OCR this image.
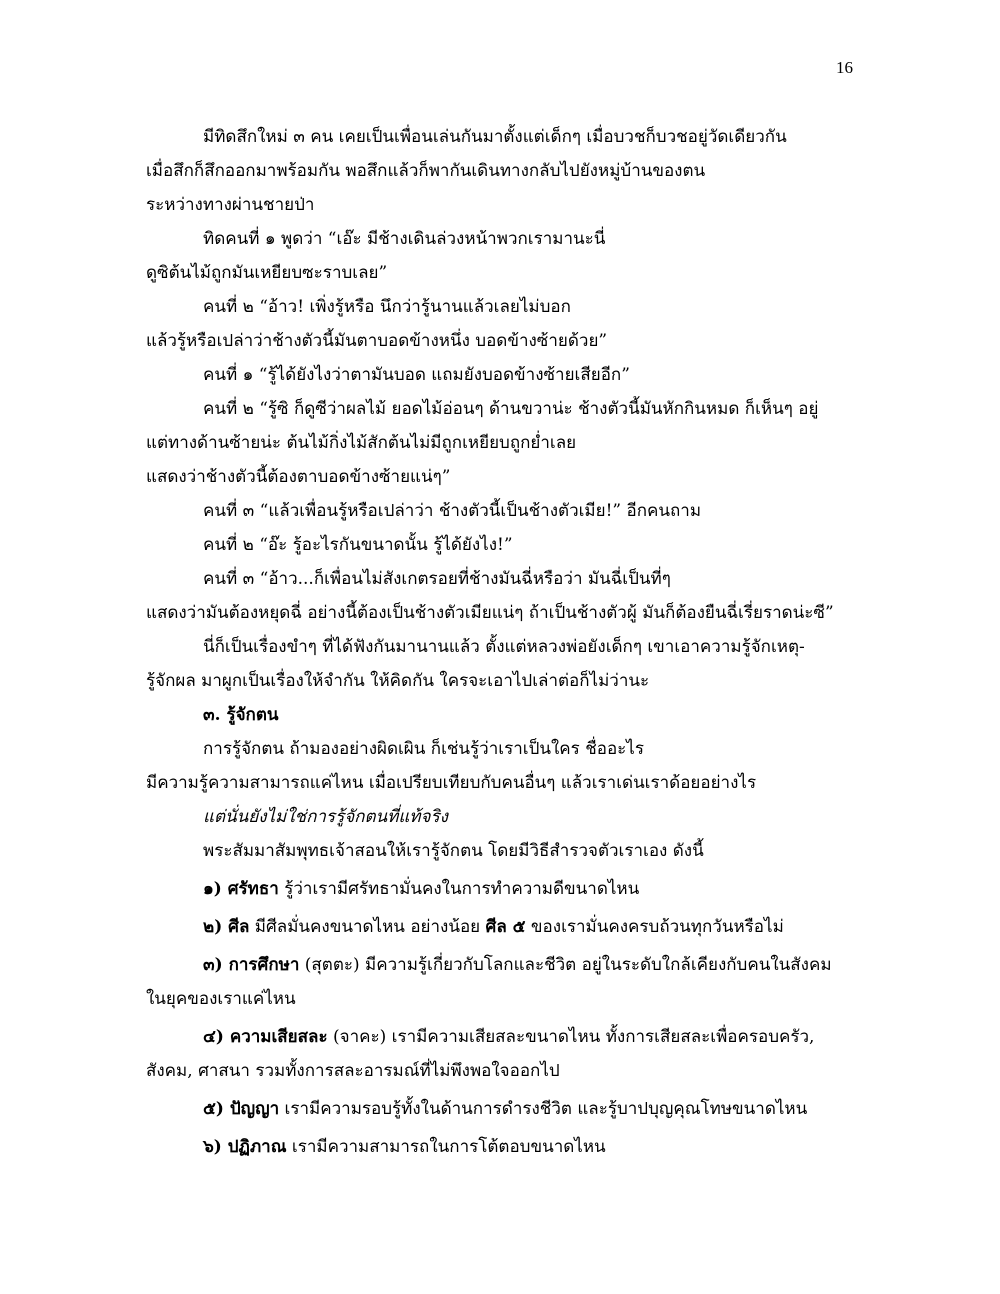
16
มีทิดสึกใหม่ ๓ คน เคยเป็นเพื่อนเล่นกันมาตั้งแต่เด็กๆ เมื่อบวชก็บวชอยู่วัดเดียวกัน
เมื่อสึกก็สึกออกมาพร้อมกัน พอสึกแล้วก็พากันเดินทางกลับไปยังหมู่บ้านของตน
ระหว่างทางผ่านชายป่า
ทิดคนที่ ๑ พูดว่า “เอ๊ะ มีช้างเดินล่วงหน้าพวกเรามานะนี่
ดูซิต้นไม้ถูกมันเหยียบซะราบเลย”
คนที่ ๒ “อ้าว! เพิ่งรู้หรือ นึกว่ารู้นานแล้วเลยไม่บอก
แล้วรู้หรือเปล่าว่าช้างตัวนี้มันตาบอดข้างหนึ่ง บอดข้างซ้ายด้วย”
คนที่ ๑ “รู้ได้ยังไงว่าตามันบอด แถมยังบอดข้างซ้ายเสียอีก”
คนที่ ๒ “รู้ซิ ก็ดูซีว่าผลไม้ ยอดไม้อ่อนๆ ด้านขวาน่ะ ช้างตัวนี้มันหักกินหมด ก็เห็นๆ อยู่
แต่ทางด้านซ้ายน่ะ ต้นไม้กิ่งไม้สักต้นไม่มีถูกเหยียบถูกย่ำเลย
แสดงว่าช้างตัวนี้ต้องตาบอดข้างซ้ายแน่ๆ”
คนที่ ๓ “แล้วเพื่อนรู้หรือเปล่าว่า ช้างตัวนี้เป็นช้างตัวเมีย!” อีกคนถาม
คนที่ ๒ “อ๊ะ รู้อะไรกันขนาดนั้น รู้ได้ยังไง!”
คนที่ ๓ “อ้าว...ก็เพื่อนไม่สังเกตรอยที่ช้างมันฉี่หรือว่า มันฉี่เป็นที่ๆ
แสดงว่ามันต้องหยุดฉี่ อย่างนี้ต้องเป็นช้างตัวเมียแน่ๆ ถ้าเป็นช้างตัวผู้ มันก็ต้องยืนฉี่เรี่ยราดน่ะซี”
นี่ก็เป็นเรื่องขำๆ ที่ได้ฟังกันมานานแล้ว ตั้งแต่หลวงพ่อยังเด็กๆ เขาเอาความรู้จักเหตุ-
รู้จักผล มาผูกเป็นเรื่องให้จำกัน ให้คิดกัน ใครจะเอาไปเล่าต่อก็ไม่ว่านะ
๓. รู้จักตน
การรู้จักตน ถ้ามองอย่างผิดเผิน ก็เช่นรู้ว่าเราเป็นใคร ชื่ออะไร
มีความรู้ความสามารถแค่ไหน เมื่อเปรียบเทียบกับคนอื่นๆ แล้วเราเด่นเราด้อยอย่างไร
แต่นั่นยังไม่ใช่การรู้จักตนที่แท้จริง
พระสัมมาสัมพุทธเจ้าสอนให้เรารู้จักตน โดยมีวิธีสำรวจตัวเราเอง ดังนี้
๑) ศรัทธา รู้ว่าเรามีศรัทธามั่นคงในการทำความดีขนาดไหน
๒) ศีล มีศีลมั่นคงขนาดไหน อย่างน้อย ศีล ๕ ของเรามั่นคงครบถ้วนทุกวันหรือไม่
๓) การศึกษา (สุตตะ) มีความรู้เกี่ยวกับโลกและชีวิต อยู่ในระดับใกล้เคียงกับคนในสังคม
ในยุคของเราแค่ไหน
๔) ความเสียสละ (จาคะ) เรามีความเสียสละขนาดไหน ทั้งการเสียสละเพื่อครอบครัว,
สังคม, ศาสนา รวมทั้งการสละอารมณ์ที่ไม่พึงพอใจออกไป
๕) ปัญญา เรามีความรอบรู้ทั้งในด้านการดำรงชีวิต และรู้บาปบุญคุณโทษขนาดไหน
๖) ปฏิภาณ เรามีความสามารถในการโต้ตอบขนาดไหน
